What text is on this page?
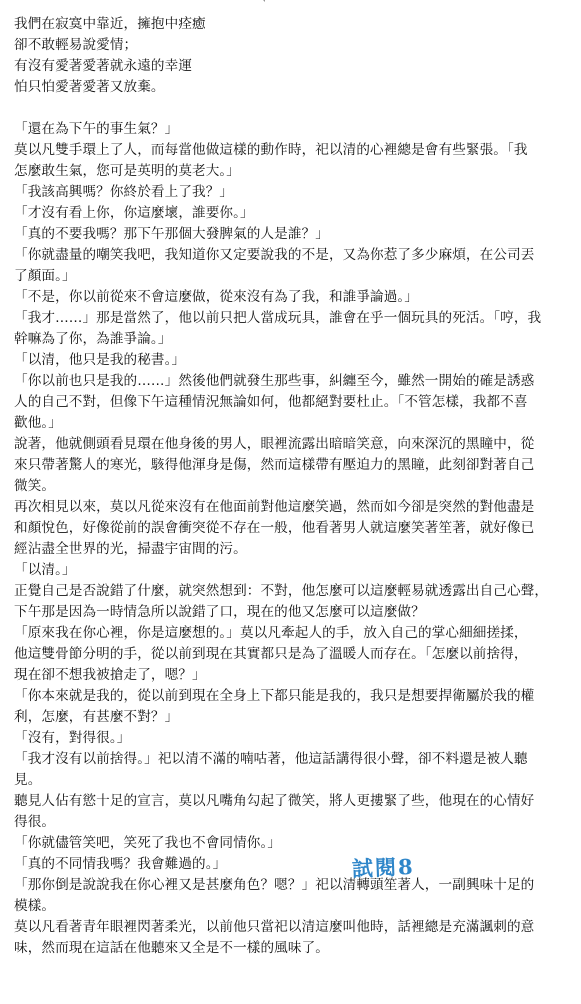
我們在寂寞中靠近，擁抱中痊癒
卻不敢輕易說愛情；
有沒有愛著愛著就永遠的幸運
怕只怕愛著愛著又放棄。
「還在為下午的事生氣？」
莫以凡雙手環上了人，而每當他做這樣的動作時，祀以清的心裡總是會有些緊張。「我
怎麼敢生氣，您可是英明的莫老大。」
「我該高興嗎？你終於看上了我？」
「才沒有看上你，你這麼壞，誰要你。」
「真的不要我嗎？那下午那個大發脾氣的人是誰？」
「你就盡量的嘲笑我吧，我知道你又定要說我的不是，又為你惹了多少麻煩，在公司丟
了顏面。」
「不是，你以前從來不會這麼做，從來沒有為了我，和誰爭論過。」
「我才……」那是當然了，他以前只把人當成玩具，誰會在乎一個玩具的死活。「哼，我
幹嘛為了你，為誰爭論。」
「以清，他只是我的秘書。」
「你以前也只是我的……」然後他們就發生那些事，糾纏至今，雖然一開始的確是誘惑
人的自己不對，但像下午這種情況無論如何，他都絕對要杜止。「不管怎樣，我都不喜
歡他。」
說著，他就側頭看見環在他身後的男人，眼裡流露出暗暗笑意，向來深沉的黑瞳中，從
來只帶著驚人的寒光，駭得他渾身是傷，然而這樣帶有壓迫力的黑瞳，此刻卻對著自己
微笑。
再次相見以來，莫以凡從來沒有在他面前對他這麼笑過，然而如今卻是突然的對他盡是
和顏悅色，好像從前的誤會衝突從不存在一般，他看著男人就這麼笑著笙著，就好像已
經沾盡全世界的光，掃盡宇宙間的污。
「以清。」
正覺自己是否說錯了什麼，就突然想到：不對，他怎麼可以這麼輕易就透露出自己心聲，
下午那是因為一時情急所以說錯了口，現在的他又怎麼可以這麼做？
「原來我在你心裡，你是這麼想的。」莫以凡牽起人的手，放入自己的掌心細細搓揉，
他這雙骨節分明的手，從以前到現在其實都只是為了溫暖人而存在。「怎麼以前捨得，
現在卻不想我被搶走了，嗯？」
「你本來就是我的，從以前到現在全身上下都只能是我的，我只是想要捍衛屬於我的權
利，怎麼，有甚麼不對？」
「沒有，對得很。」
「我才沒有以前捨得。」祀以清不滿的喃咕著，他這話講得很小聲，卻不料還是被人聽
見。
聽見人佔有慾十足的宣言，莫以凡嘴角勾起了微笑，將人更摟緊了些，他現在的心情好
得很。
「你就儘管笑吧，笑死了我也不會同情你。」
「真的不同情我嗎？我會難過的。」
「那你倒是說說我在你心裡又是甚麼角色？嗯？」祀以清轉頭笙著人，一副興味十足的
模樣。
莫以凡看著青年眼裡閃著柔光，以前他只當祀以清這麼叫他時，話裡總是充滿諷刺的意
味，然而現在這話在他聽來又全是不一樣的風味了。
試閱8
